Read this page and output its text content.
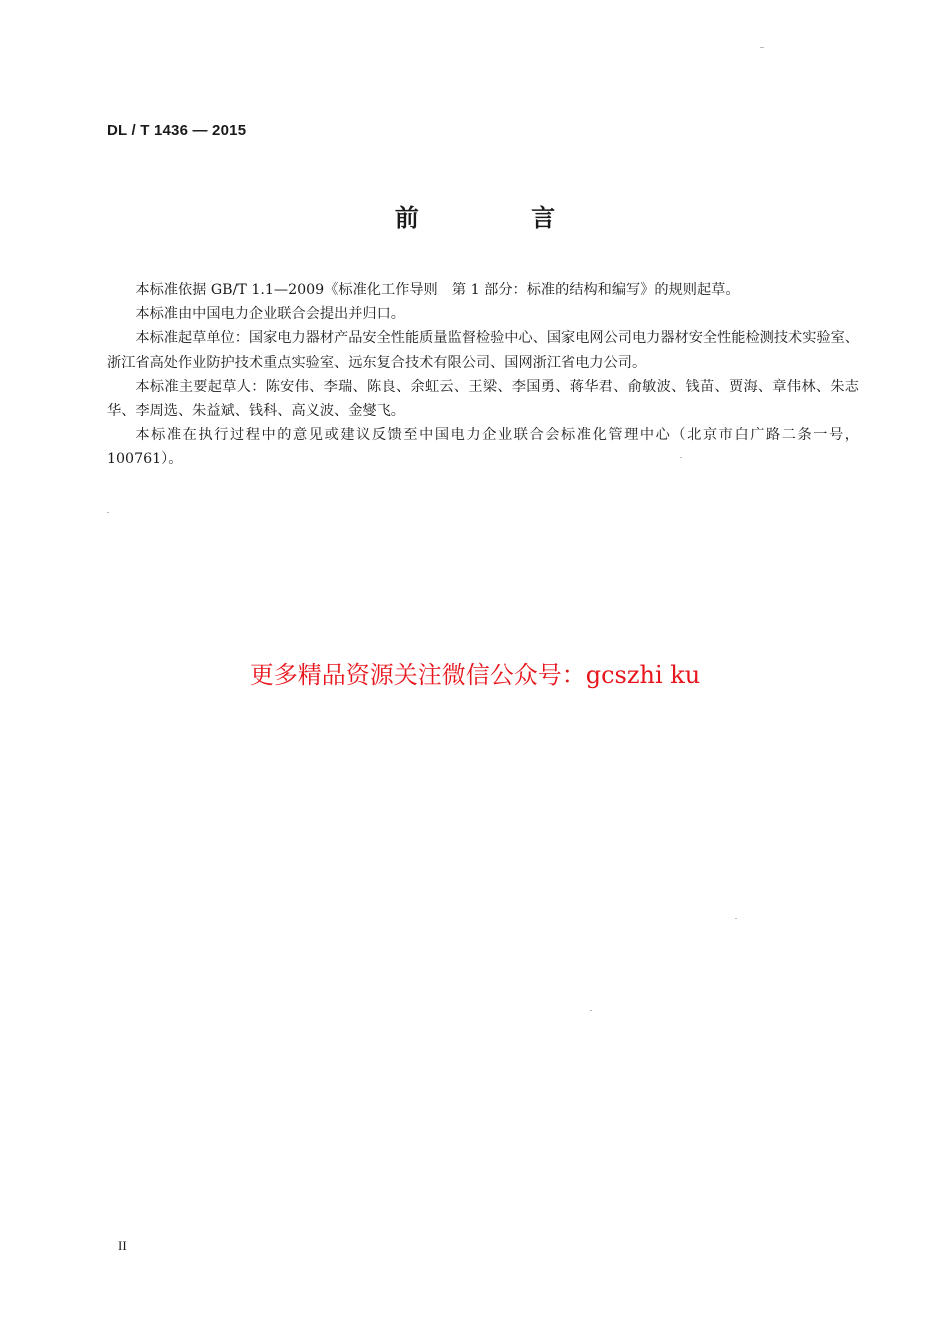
DL / T 1436 — 2015
前 言

本标准依据 GB/T 1.1—2009《标准化工作导则　第 1 部分：标准的结构和编写》的规则起草。

本标准由中国电力企业联合会提出并归口。

本标准起草单位：国家电力器材产品安全性能质量监督检验中心、国家电网公司电力器材安全性能检测技术实验室、浙江省高处作业防护技术重点实验室、远东复合技术有限公司、国网浙江省电力公司。

本标准主要起草人：陈安伟、李瑞、陈良、余虹云、王梁、李国勇、蒋华君、俞敏波、钱苗、贾海、章伟林、朱志华、李周选、朱益斌、钱科、高义波、金燮飞。

本标准在执行过程中的意见或建议反馈至中国电力企业联合会标准化管理中心（北京市白广路二条一号，100761）。

更多精品资源关注微信公众号：gcszhi ku
II
